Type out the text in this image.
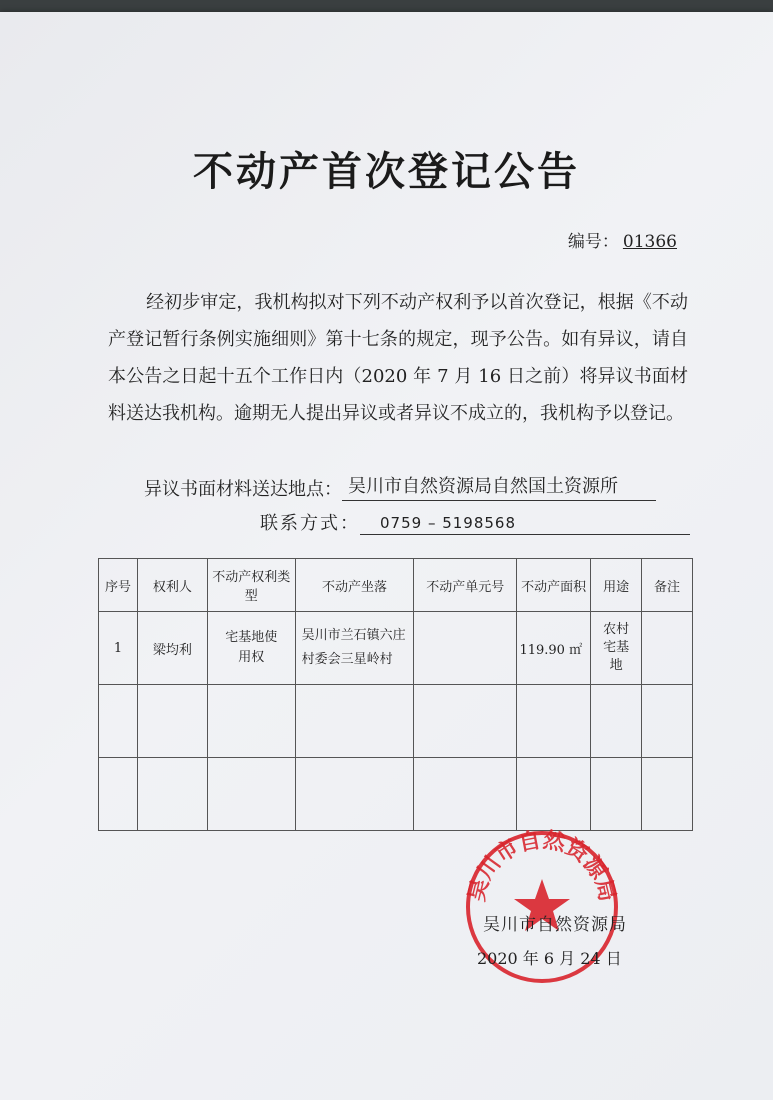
不动产首次登记公告
编号： 01366
经初步审定，我机构拟对下列不动产权利予以首次登记，根据《不动产登记暂行条例实施细则》第十七条的规定，现予公告。如有异议，请自本公告之日起十五个工作日内（2020 年 7 月 16 日之前）将异议书面材料送达我机构。逾期无人提出异议或者异议不成立的，我机构予以登记。
异议书面材料送达地点： 吴川市自然资源局自然国土资源所
联系方式：	0759 – 5198568
序号	权利人	不动产权利类型	不动产坐落	不动产单元号	不动产面积	用途	备注
1	梁均利	宅基地使用权	吴川市兰石镇六庄村委会三星岭村		119.90 ㎡	农村宅基地	

吴川市自然资源局
吴川市自然资源局
2020 年 6 月 24 日
